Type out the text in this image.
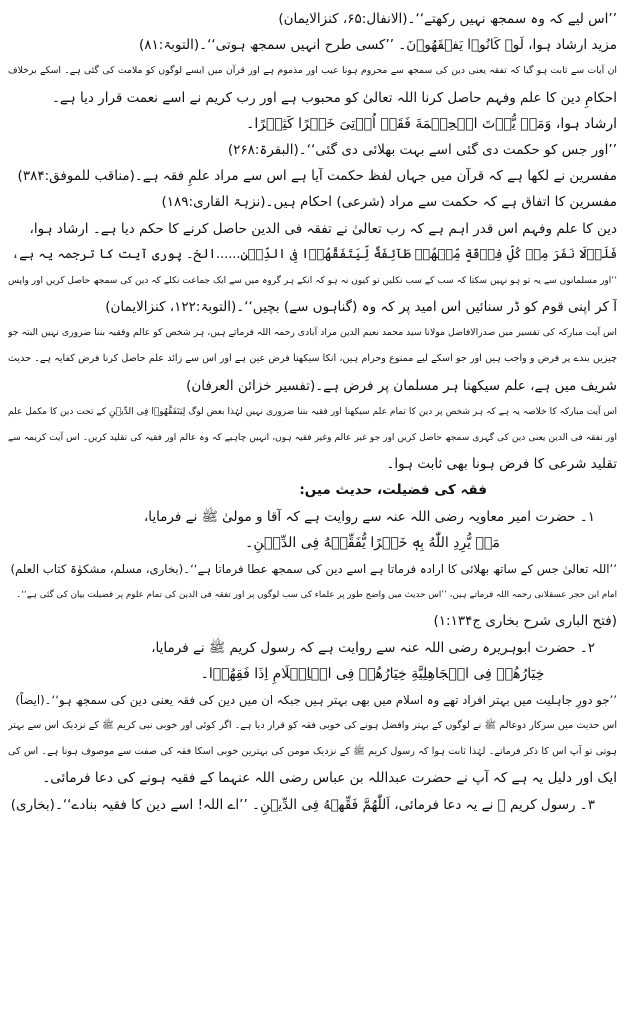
’’اس لیے کہ وہ سمجھ نہیں رکھتے‘‘۔(الانفال:۶۵، کنزالایمان)
مزید ارشاد ہوا، لَوۡ كَانُوۡا يَفۡقَهُوۡنَ۔ ’’کسی طرح انہیں سمجھ ہوتی‘‘۔(التوبۃ:۸۱)
ان آیات سے ثابت ہو گیا کہ تفقہ یعنی دین کی سمجھ سے محروم ہونا عیب اور مذموم ہے اور قرآن میں ایسے لوگوں کو ملامت کی گئی ہے۔ اسکے برخلاف
احکامِ دین کا علم وفہم حاصل کرنا اللہ تعالیٰ کو محبوب ہے اور رب کریم نے اسے نعمت قرار دیا ہے۔
ارشاد ہوا، وَمَنۡ يُّؤۡتَ الۡحِكۡمَةَ فَقَدۡ اُوۡتِىَ خَيۡرًا كَثِيۡرًا۔
’’اور جس کو حکمت دی گئی اسے بہت بھلائی دی گئی‘‘۔(البقرۃ:۲۶۸)
مفسرین نے لکھا ہے کہ قرآن میں جہاں لفظ حکمت آیا ہے اس سے مراد علمِ فقہ ہے۔(مناقب للموفق:۳۸۴)
مفسرین کا اتفاق ہے کہ حکمت سے مراد (شرعی) احکام ہیں۔(نزہۃ القاری:۱۸۹)
دین کا علم وفہم اس قدر اہم ہے کہ رب تعالیٰ نے تفقہ فی الدین حاصل کرنے کا حکم دیا ہے۔ ارشاد ہوا،
فَلَوۡلَا نَفَرَ مِنۡ كُلِّ فِرۡقَةٍ مِّنۡهُمۡ طَآئِفَةٌ لِّيَتَفَقَّهُوۡا فِى الدِّيۡنِ......الخ۔ پوری آیت کا ترجمہ یہ ہے،
’’اور مسلمانوں سے یہ تو ہو نہیں سکتا کہ سب کے سب نکلیں تو کیوں نہ ہو کہ انکے ہر گروہ میں سے ایک جماعت نکلے کہ دین کی سمجھ حاصل کریں اور واپس
آ کر اپنی قوم کو ڈر سنائیں اس امید پر کہ وہ (گناہوں سے) بچیں‘‘۔(التوبۃ:۱۲۲، کنزالایمان)
اس آیت مبارکہ کی تفسیر میں صدرالافاضل مولانا سید محمد نعیم الدین مراد آبادی رحمہ اللہ فرماتے ہیں، ہر شخص کو عالم وفقیہ بننا ضروری نہیں البتہ جو
چیزیں بندے پر فرض و واجب ہیں اور جو اسکے لیے ممنوع وحرام ہیں، انکا سیکھنا فرض عین ہے اور اس سے زائد علم حاصل کرنا فرض کفایہ ہے۔ حدیث
شریف میں ہے، علم سیکھنا ہر مسلمان پر فرض ہے۔(تفسیر خزائن العرفان)
اس آیت مبارکہ کا خلاصہ یہ ہے کہ ہر شخص پر دین کا تمام علم سیکھنا اور فقیہ بننا ضروری نہیں لہٰذا بعض لوگ لِيَتَفَقَّهُوۡا فِى الدِّيۡنِ کے تحت دین کا مکمل علم
اور تفقہ فی الدین یعنی دین کی گہری سمجھ حاصل کریں اور جو غیر عالم وغیر فقیہ ہوں، انہیں چاہیے کہ وہ عالم اور فقیہ کی تقلید کریں۔ اس آیت کریمہ سے
تقلید شرعی کا فرض ہونا بھی ثابت ہوا۔
فقہ کی فضیلت، حدیث میں:
۱۔ حضرت امیر معاویہ رضی اللہ عنہ سے روایت ہے کہ آقا و مولیٰ ﷺ نے فرمایا،
مَنۡ يُّرِدِ اللّٰهُ بِهٖ خَيۡرًا يُّفَقِّهۡهُ فِى الدِّيۡنِ۔
’’اللہ تعالیٰ جس کے ساتھ بھلائی کا ارادہ فرماتا ہے اسے دین کی سمجھ عطا فرماتا ہے‘‘۔(بخاری، مسلم، مشکوٰۃ کتاب العلم)
امام ابن حجر عسقلانی رحمہ اللہ فرماتے ہیں، ’’اس حدیث میں واضح طور پر علماء کی سب لوگوں پر اور تفقہ فی الدین کی تمام علوم پر فضیلت بیان کی گئی ہے‘‘۔
(فتح الباری شرح بخاری ج۱:۱۳۴)
۲۔ حضرت ابوہریرہ رضی اللہ عنہ سے روایت ہے کہ رسول کریم ﷺ نے فرمایا،
خِيَارُهُمۡ فِى الۡجَاهِلِيَّةِ خِيَارُهُمۡ فِى الۡاِسۡلَامِ اِذَا فَقِهُوۡا۔
’’جو دورِ جاہلیت میں بہتر افراد تھے وہ اسلام میں بھی بہتر ہیں جبکہ ان میں دین کی فقہ یعنی دین کی سمجھ ہو‘‘۔(ایضاً)
اس حدیث میں سرکار دوعالم ﷺ نے لوگوں کے بہتر وافضل ہونے کی خوبی فقہ کو قرار دیا ہے۔ اگر کوئی اور خوبی نبی کریم ﷺ کے نزدیک اس سے بہتر
ہوتی تو آپ اس کا ذکر فرماتے۔ لہٰذا ثابت ہوا کہ رسول کریم ﷺ کے نزدیک مومن کی بہترین خوبی اسکا فقہ کی صفت سے موصوف ہونا ہے۔ اس کی
ایک اور دلیل یہ ہے کہ آپ نے حضرت عبداللہ بن عباس رضی اللہ عنہما کے فقیہ ہونے کی دعا فرمائی۔
۳۔ رسول کریم ﷺ نے یہ دعا فرمائی، اَللّٰهُمَّ فَقِّهۡهُ فِى الدِّيۡنِ۔ ’’اے اللہ! اسے دین کا فقیہ بنادے‘‘۔(بخاری)
